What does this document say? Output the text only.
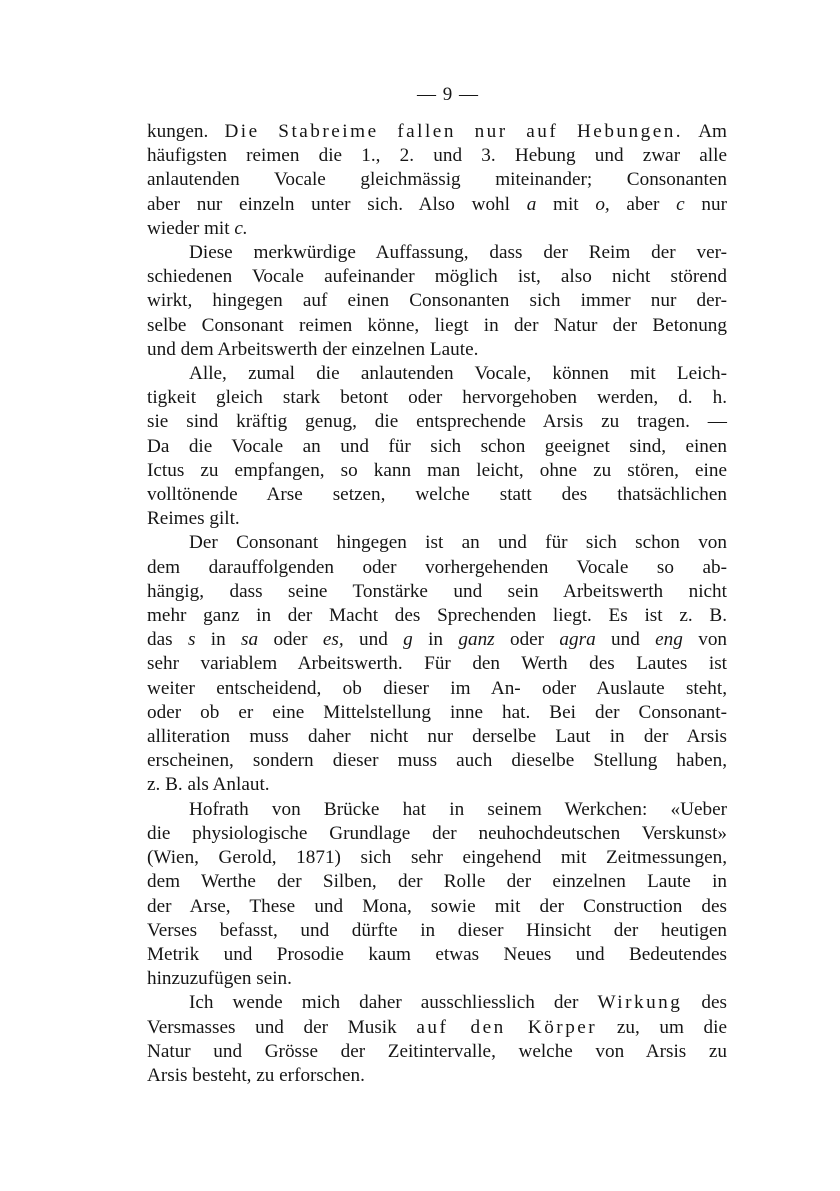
— 9 —

kungen. Die Stabreime fallen nur auf Hebungen. Am
häufigsten reimen die 1., 2. und 3. Hebung und zwar alle
anlautenden Vocale gleichmässig miteinander; Consonanten
aber nur einzeln unter sich. Also wohl a mit o, aber c nur
wieder mit c.

Diese merkwürdige Auffassung, dass der Reim der ver-
schiedenen Vocale aufeinander möglich ist, also nicht störend
wirkt, hingegen auf einen Consonanten sich immer nur der-
selbe Consonant reimen könne, liegt in der Natur der Betonung
und dem Arbeitswerth der einzelnen Laute.

Alle, zumal die anlautenden Vocale, können mit Leich-
tigkeit gleich stark betont oder hervorgehoben werden, d. h.
sie sind kräftig genug, die entsprechende Arsis zu tragen. —
Da die Vocale an und für sich schon geeignet sind, einen
Ictus zu empfangen, so kann man leicht, ohne zu stören, eine
volltönende Arse setzen, welche statt des thatsächlichen
Reimes gilt.

Der Consonant hingegen ist an und für sich schon von
dem darauffolgenden oder vorhergehenden Vocale so ab-
hängig, dass seine Tonstärke und sein Arbeitswerth nicht
mehr ganz in der Macht des Sprechenden liegt. Es ist z. B.
das s in sa oder es, und g in ganz oder agra und eng von
sehr variablem Arbeitswerth. Für den Werth des Lautes ist
weiter entscheidend, ob dieser im An- oder Auslaute steht,
oder ob er eine Mittelstellung inne hat. Bei der Consonant-
alliteration muss daher nicht nur derselbe Laut in der Arsis
erscheinen, sondern dieser muss auch dieselbe Stellung haben,
z. B. als Anlaut.

Hofrath von Brücke hat in seinem Werkchen: «Ueber
die physiologische Grundlage der neuhochdeutschen Verskunst»
(Wien, Gerold, 1871) sich sehr eingehend mit Zeitmessungen,
dem Werthe der Silben, der Rolle der einzelnen Laute in
der Arse, These und Mona, sowie mit der Construction des
Verses befasst, und dürfte in dieser Hinsicht der heutigen
Metrik und Prosodie kaum etwas Neues und Bedeutendes
hinzuzufügen sein.

Ich wende mich daher ausschliesslich der Wirkung des
Versmasses und der Musik auf den Körper zu, um die
Natur und Grösse der Zeitintervalle, welche von Arsis zu
Arsis besteht, zu erforschen.
